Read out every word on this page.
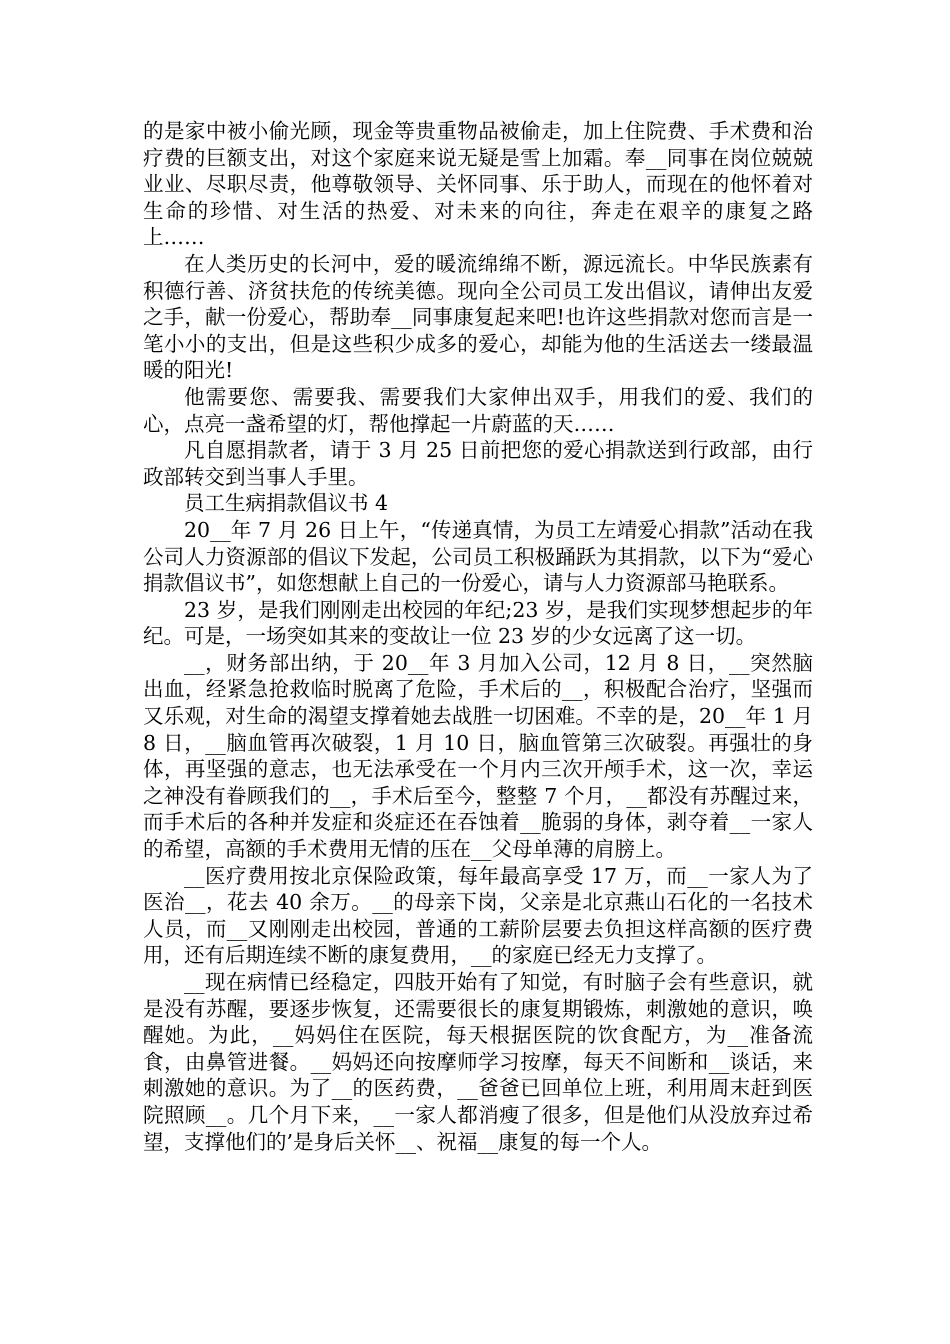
的是家中被小偷光顾，现金等贵重物品被偷走，加上住院费、手术费和治疗费的巨额支出，对这个家庭来说无疑是雪上加霜。奉__同事在岗位兢兢业业、尽职尽责，他尊敬领导、关怀同事、乐于助人，而现在的他怀着对生命的珍惜、对生活的热爱、对未来的向往，奔走在艰辛的康复之路上……

在人类历史的长河中，爱的暖流绵绵不断，源远流长。中华民族素有积德行善、济贫扶危的传统美德。现向全公司员工发出倡议，请伸出友爱之手，献一份爱心，帮助奉__同事康复起来吧!也许这些捐款对您而言是一笔小小的支出，但是这些积少成多的爱心，却能为他的生活送去一缕最温暖的阳光!

他需要您、需要我、需要我们大家伸出双手，用我们的爱、我们的心，点亮一盏希望的灯，帮他撑起一片蔚蓝的天……

凡自愿捐款者，请于 3 月 25 日前把您的爱心捐款送到行政部，由行政部转交到当事人手里。

员工生病捐款倡议书 4

20__年 7 月 26 日上午，“传递真情，为员工左靖爱心捐款”活动在我公司人力资源部的倡议下发起，公司员工积极踊跃为其捐款，以下为“爱心捐款倡议书”，如您想献上自己的一份爱心，请与人力资源部马艳联系。

23 岁，是我们刚刚走出校园的年纪;23 岁，是我们实现梦想起步的年纪。可是，一场突如其来的变故让一位 23 岁的少女远离了这一切。

__，财务部出纳，于 20__年 3 月加入公司，12 月 8 日，__突然脑出血，经紧急抢救临时脱离了危险，手术后的__，积极配合治疗，坚强而又乐观，对生命的渴望支撑着她去战胜一切困难。不幸的是，20__年 1 月 8 日，__脑血管再次破裂，1 月 10 日，脑血管第三次破裂。再强壮的身体，再坚强的意志，也无法承受在一个月内三次开颅手术，这一次，幸运之神没有眷顾我们的__，手术后至今，整整 7 个月，__都没有苏醒过来，而手术后的各种并发症和炎症还在吞蚀着__脆弱的身体，剥夺着__一家人的希望，高额的手术费用无情的压在__父母单薄的肩膀上。

__医疗费用按北京保险政策，每年最高享受 17 万，而__一家人为了医治__，花去 40 余万。__的母亲下岗，父亲是北京燕山石化的一名技术人员，而__又刚刚走出校园，普通的工薪阶层要去负担这样高额的医疗费用，还有后期连续不断的康复费用，__的家庭已经无力支撑了。

__现在病情已经稳定，四肢开始有了知觉，有时脑子会有些意识，就是没有苏醒，要逐步恢复，还需要很长的康复期锻炼，刺激她的意识，唤醒她。为此，__妈妈住在医院，每天根据医院的饮食配方，为__准备流食，由鼻管进餐。__妈妈还向按摩师学习按摩，每天不间断和__谈话，来刺激她的意识。为了__的医药费，__爸爸已回单位上班，利用周末赶到医院照顾__。几个月下来，__一家人都消瘦了很多，但是他们从没放弃过希望，支撑他们的’是身后关怀__、祝福__康复的每一个人。
